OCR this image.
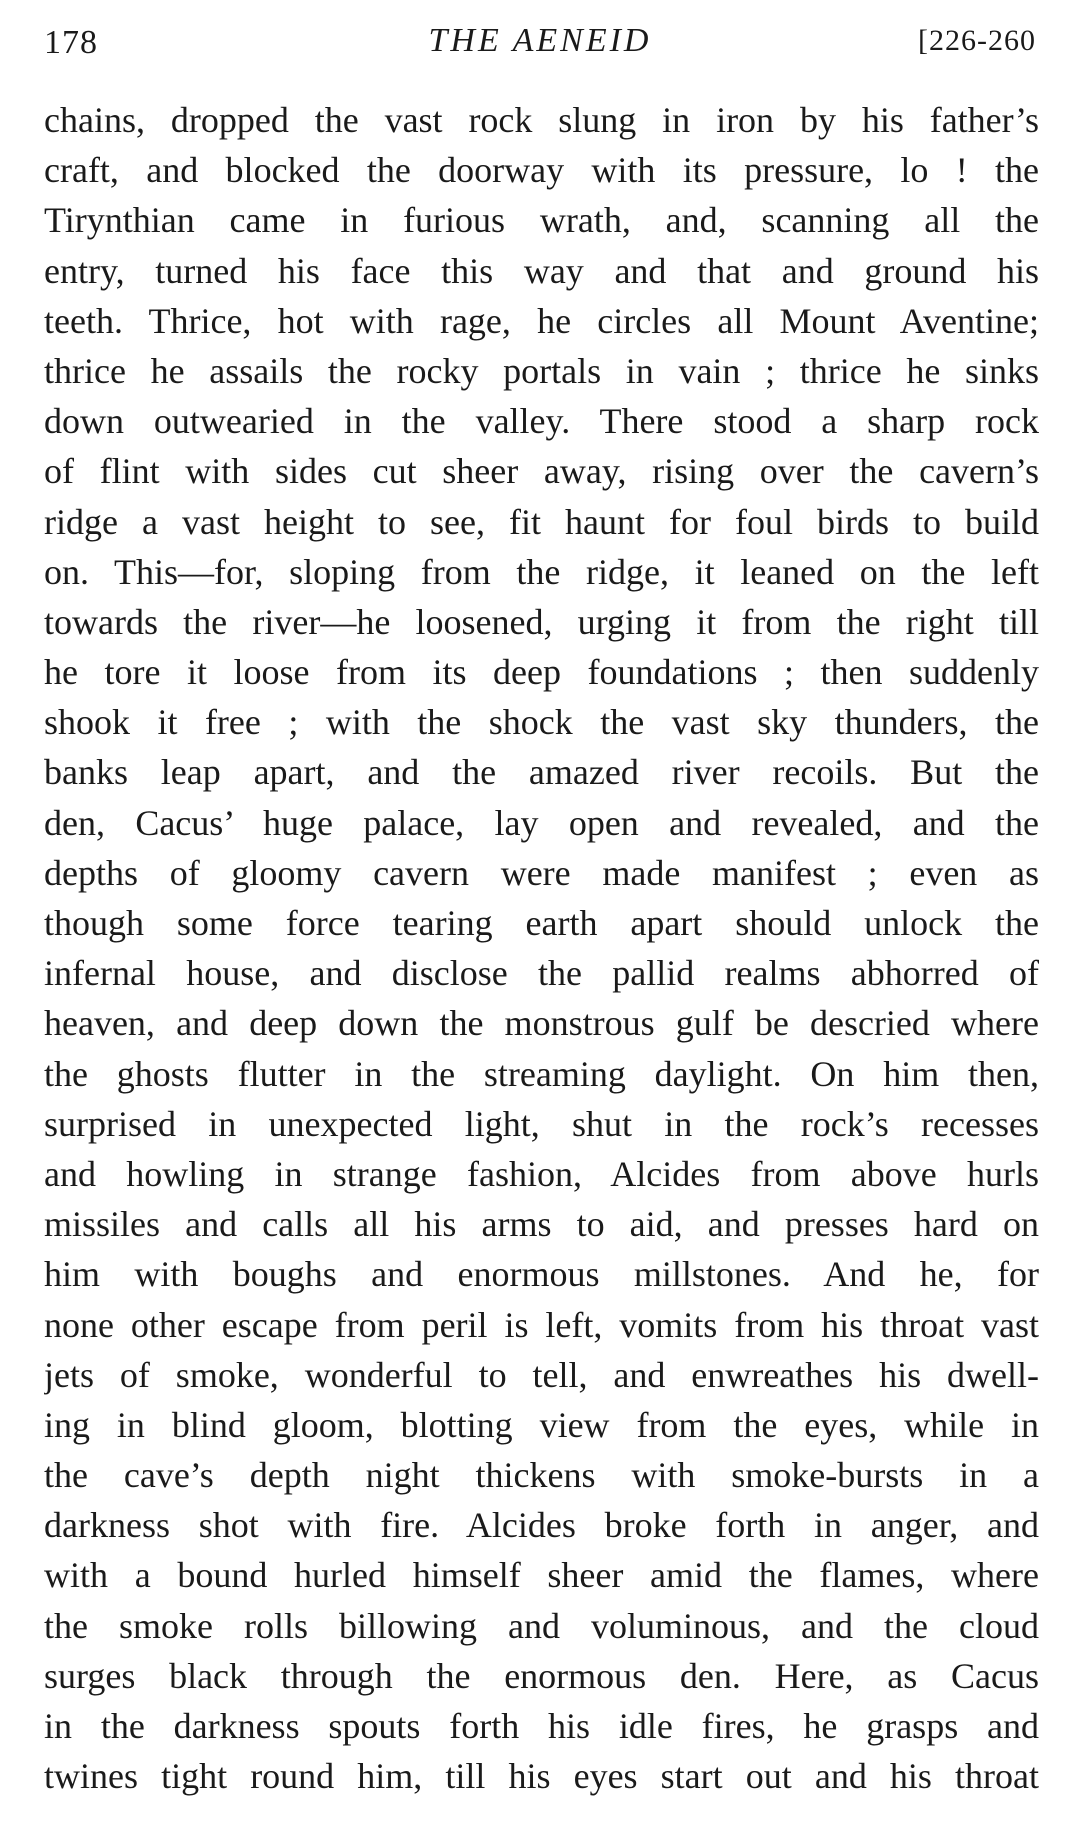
178	THE AENEID	[226-260
chains, dropped the vast rock slung in iron by his father’s
craft, and blocked the doorway with its pressure, lo ! the
Tirynthian came in furious wrath, and, scanning all the
entry, turned his face this way and that and ground his
teeth. Thrice, hot with rage, he circles all Mount Aventine;
thrice he assails the rocky portals in vain ; thrice he sinks
down outwearied in the valley. There stood a sharp rock
of flint with sides cut sheer away, rising over the cavern’s
ridge a vast height to see, fit haunt for foul birds to build
on. This—for, sloping from the ridge, it leaned on the left
towards the river—he loosened, urging it from the right till
he tore it loose from its deep foundations ; then suddenly
shook it free ; with the shock the vast sky thunders, the
banks leap apart, and the amazed river recoils. But the
den, Cacus’ huge palace, lay open and revealed, and the
depths of gloomy cavern were made manifest ; even as
though some force tearing earth apart should unlock the
infernal house, and disclose the pallid realms abhorred of
heaven, and deep down the monstrous gulf be descried where
the ghosts flutter in the streaming daylight. On him then,
surprised in unexpected light, shut in the rock’s recesses
and howling in strange fashion, Alcides from above hurls
missiles and calls all his arms to aid, and presses hard on
him with boughs and enormous millstones. And he, for
none other escape from peril is left, vomits from his throat vast
jets of smoke, wonderful to tell, and enwreathes his dwell-
ing in blind gloom, blotting view from the eyes, while in
the cave’s depth night thickens with smoke-bursts in a
darkness shot with fire. Alcides broke forth in anger, and
with a bound hurled himself sheer amid the flames, where
the smoke rolls billowing and voluminous, and the cloud
surges black through the enormous den. Here, as Cacus
in the darkness spouts forth his idle fires, he grasps and
twines tight round him, till his eyes start out and his throat
